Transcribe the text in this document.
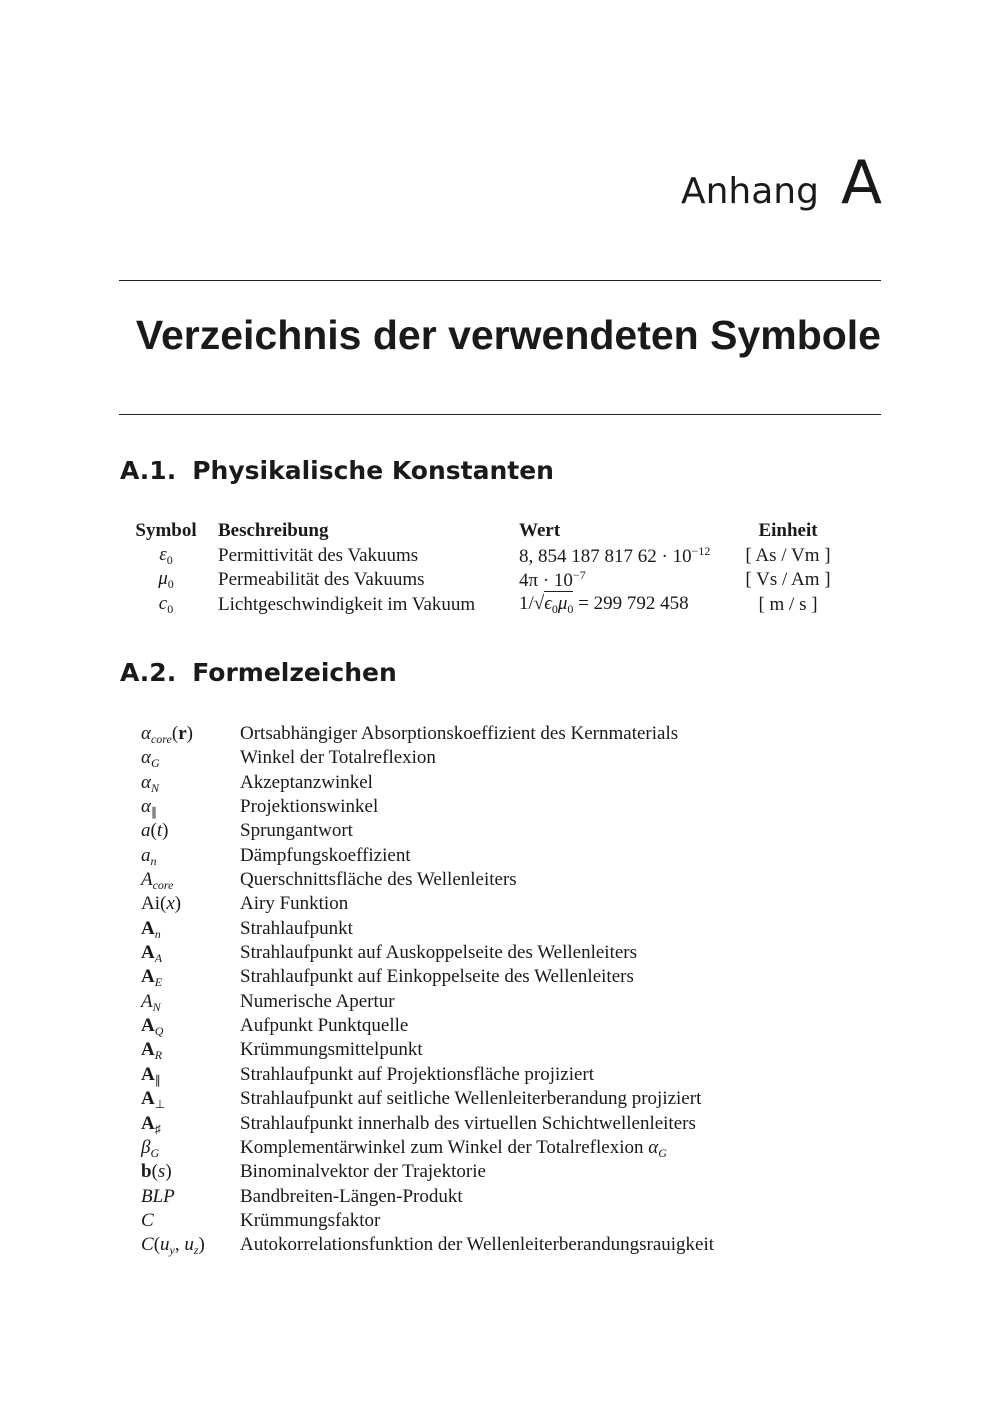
Anhang A
Verzeichnis der verwendeten Symbole
A.1. Physikalische Konstanten
Symbol	Beschreibung	Wert	Einheit
$\varepsilon_0$	Permittivität des Vakuums	8, 854 187 817 $62 \cdot 10^{-12}$	[ As / Vm ]
$\mu_0$	Permeabilität des Vakuums	$4\pi \cdot 10^{-7}$	[ Vs / Am ]
$c_0$	Lichtgeschwindigkeit im Vakuum	$1/√\epsilon_0\mu_0 = 299$ 792 458	[ m / s ]
A.2. Formelzeichen
$\alpha_{core}(r)$ Ortsabhängiger Absorptionskoeffizient des Kernmaterials
$\alpha_G$	Winkel der Totalreflexion
$\alpha_N$	Akzeptanzwinkel
$\alpha_\parallel$	Projektionswinkel
a(t)	Sprungantwort
$a_n$	Dämpfungskoeffizient
$A_{core}$	Querschnittsfläche des Wellenleiters
Ai(x)	Airy Funktion
$A_n$	Strahlaufpunkt
$A_A$	Strahlaufpunkt auf Auskoppelseite des Wellenleiters
$A_E$	Strahlaufpunkt auf Einkoppelseite des Wellenleiters
$A_N$	Numerische Apertur
$A_Q$	Aufpunkt Punktquelle
$A_R$	Krümmungsmittelpunkt
$A_\parallel$	Strahlaufpunkt auf Projektionsfläche projiziert
$A_\perp$	Strahlaufpunkt auf seitliche Wellenleiterberandung projiziert
$A_♯$	Strahlaufpunkt innerhalb des virtuellen Schichtwellenleiters
$\beta_G$	Komplementärwinkel zum Winkel der Totalreflexion $\alpha_G$
b(s)	Binominalvektor der Trajektorie
BLP	Bandbreiten-Längen-Produkt
C	Krümmungsfaktor
$C(u_y$, $u_z$) Autokorrelationsfunktion der Wellenleiterberandungsrauigkeit
